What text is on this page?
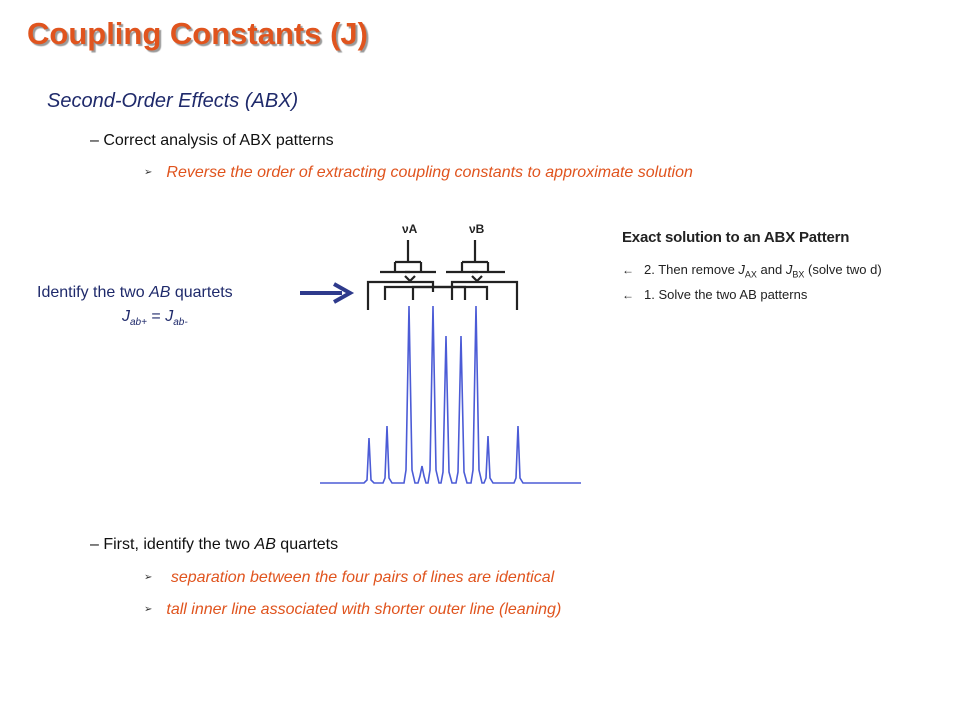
Coupling Constants (J)
Second-Order Effects (ABX)
– Correct analysis of ABX patterns
➢ Reverse the order of extracting coupling constants to approximate solution
Identify the two AB quartets
$J_{ab+} = J_{ab-}$
νA	νB	Exact solution to an ABX Pattern
← 2. Then remove $J_{AX}$ and $J_{BX}$ (solve two d)
← 1. Solve the two AB patterns
– First, identify the two AB quartets
➢ separation between the four pairs of lines are identical
➢ tall inner line associated with shorter outer line (leaning)
